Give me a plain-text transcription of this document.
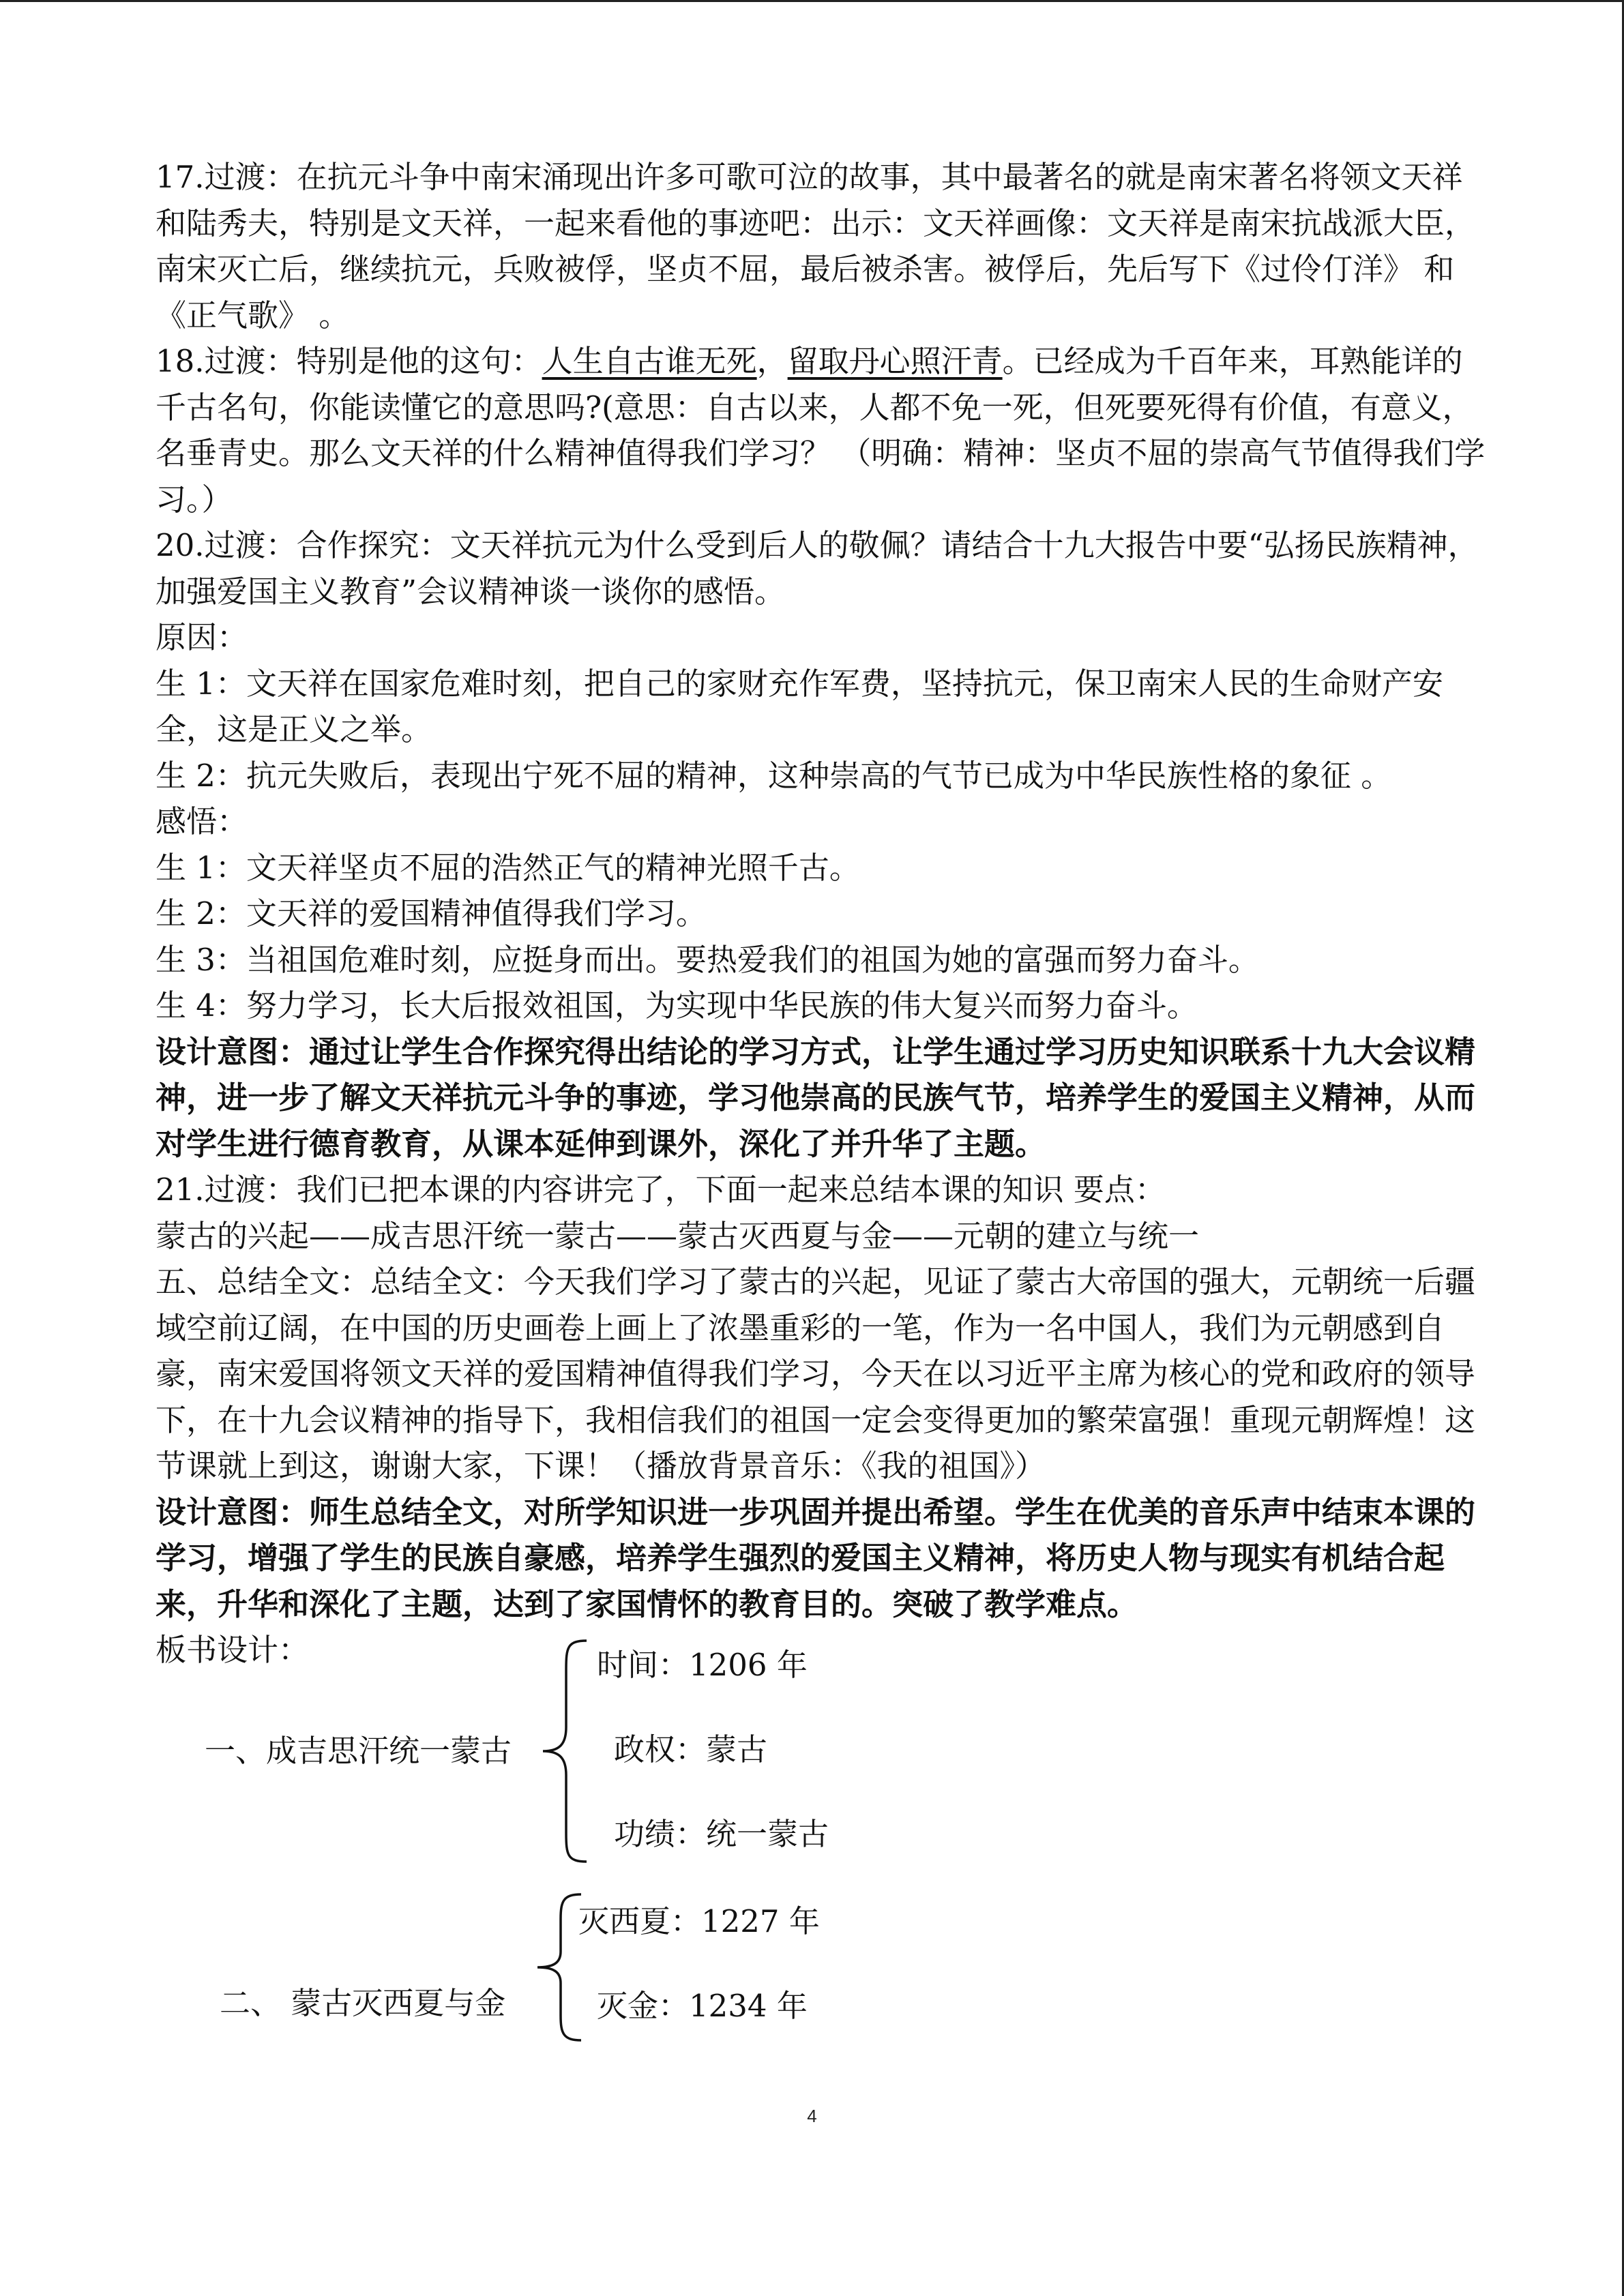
17.过渡：在抗元斗争中南宋涌现出许多可歌可泣的故事，其中最著名的就是南宋著名将领文天祥和陆秀夫，特别是文天祥，一起来看他的事迹吧：出示：文天祥画像：文天祥是南宋抗战派大臣，南宋灭亡后，继续抗元，兵败被俘，坚贞不屈，最后被杀害。被俘后，先后写下《过伶仃洋》 和《正气歌》 。

18.过渡：特别是他的这句：人生自古谁无死，留取丹心照汗青。已经成为千百年来，耳熟能详的千古名句，你能读懂它的意思吗?(意思：自古以来，人都不免一死，但死要死得有价值，有意义，名垂青史。那么文天祥的什么精神值得我们学习？ （明确：精神：坚贞不屈的崇高气节值得我们学习。）

20.过渡：合作探究：文天祥抗元为什么受到后人的敬佩？请结合十九大报告中要“弘扬民族精神，加强爱国主义教育”会议精神谈一谈你的感悟。

原因：

生 1：文天祥在国家危难时刻，把自己的家财充作军费，坚持抗元，保卫南宋人民的生命财产安全，这是正义之举。

生 2：抗元失败后，表现出宁死不屈的精神，这种崇高的气节已成为中华民族性格的象征 。

感悟：

生 1：文天祥坚贞不屈的浩然正气的精神光照千古。

生 2：文天祥的爱国精神值得我们学习。

生 3：当祖国危难时刻，应挺身而出。要热爱我们的祖国为她的富强而努力奋斗。

生 4：努力学习，长大后报效祖国，为实现中华民族的伟大复兴而努力奋斗。

设计意图：通过让学生合作探究得出结论的学习方式，让学生通过学习历史知识联系十九大会议精神，进一步了解文天祥抗元斗争的事迹，学习他崇高的民族气节，培养学生的爱国主义精神，从而对学生进行德育教育，从课本延伸到课外，深化了并升华了主题。

21.过渡：我们已把本课的内容讲完了，下面一起来总结本课的知识 要点：

蒙古的兴起——成吉思汗统一蒙古——蒙古灭西夏与金——元朝的建立与统一

五、总结全文：总结全文：今天我们学习了蒙古的兴起，见证了蒙古大帝国的强大，元朝统一后疆域空前辽阔，在中国的历史画卷上画上了浓墨重彩的一笔，作为一名中国人，我们为元朝感到自豪，南宋爱国将领文天祥的爱国精神值得我们学习，今天在以习近平主席为核心的党和政府的领导下，在十九会议精神的指导下，我相信我们的祖国一定会变得更加的繁荣富强！重现元朝辉煌！这节课就上到这，谢谢大家，下课！（播放背景音乐：《我的祖国》）

设计意图：师生总结全文，对所学知识进一步巩固并提出希望。学生在优美的音乐声中结束本课的学习，增强了学生的民族自豪感，培养学生强烈的爱国主义精神，将历史人物与现实有机结合起来，升华和深化了主题，达到了家国情怀的教育目的。突破了教学难点。

板书设计：

一、成吉思汗统一蒙古
时间：1206 年
政权：蒙古
功绩：统一蒙古
二、 蒙古灭西夏与金
灭西夏：1227 年
灭金：1234 年
4
